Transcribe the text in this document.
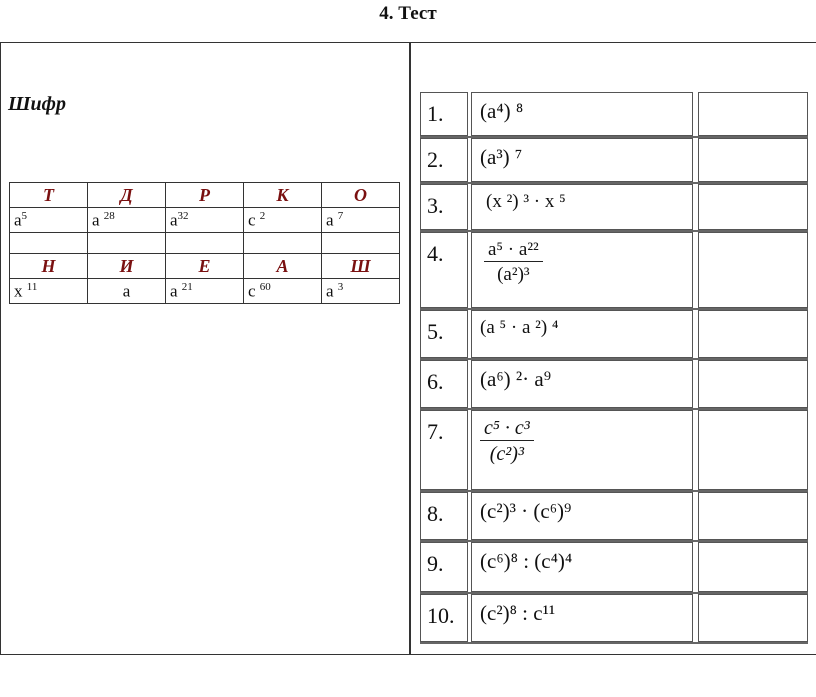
4. Тест
Шифр
Т	Д	Р	К	О
$а^5$	а $^{28}$	$а^{32}$	с $^2$	а $^7$

Н	И	Е	А	Ш
х $^{11}$	а	а $^{21}$	с $^{60}$	а $^3$
1.	(a⁴) ⁸
2.	(a³) ⁷
3.	(x ²) ³ · x ⁵
4.	$\frac{\text{a⁵ · a²²}}{\text{(a²)³}}$
5.	(a ⁵ · a ²) ⁴
6.	(a⁶) ²· a⁹
7.	$\frac{\text{c⁵ · c³}}{\text{(c²)³}}$
8.	(c²)³ · (c⁶)⁹
9.	(c⁶)⁸ : (c⁴)⁴
10.	(c²)⁸ : c¹¹
